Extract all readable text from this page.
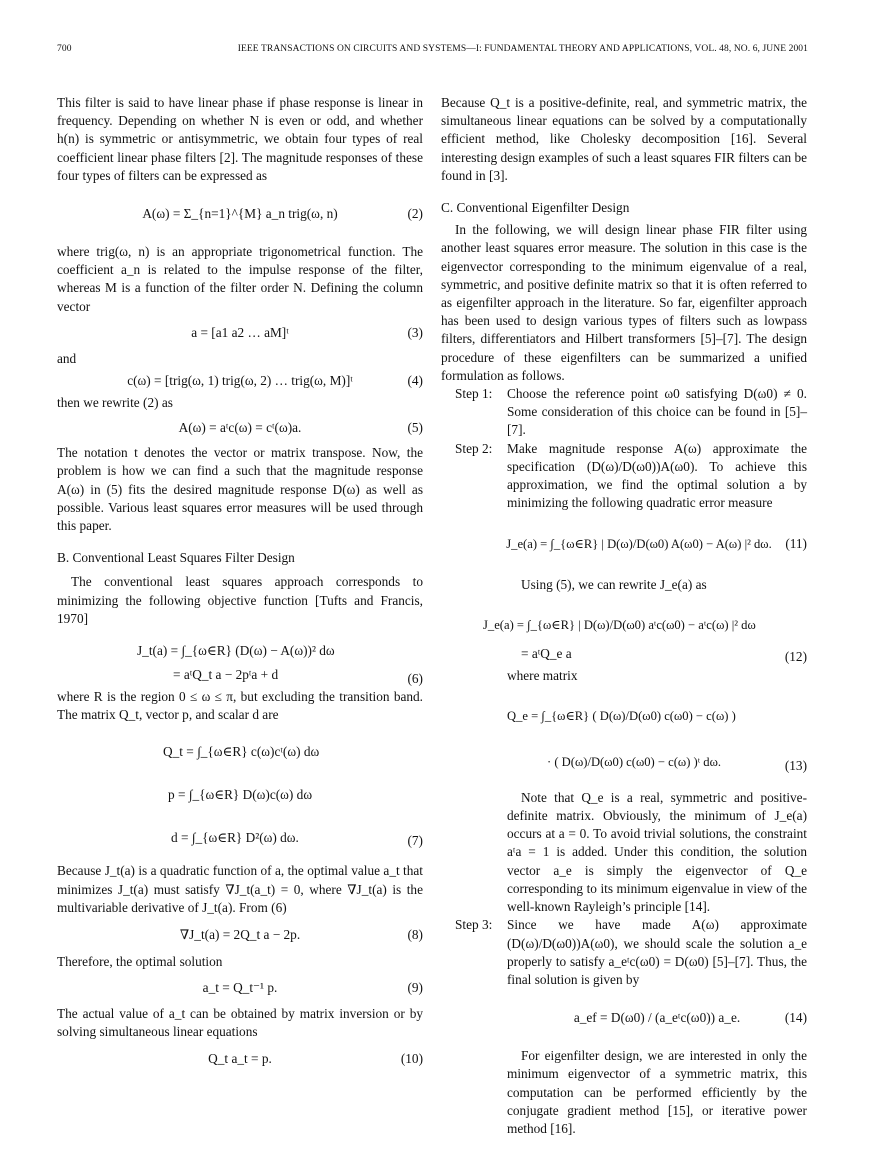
700	IEEE TRANSACTIONS ON CIRCUITS AND SYSTEMS—I: FUNDAMENTAL THEORY AND APPLICATIONS, VOL. 48, NO. 6, JUNE 2001

This filter is said to have linear phase if phase response is linear in frequency. Depending on whether N is even or odd, and whether h(n) is symmetric or antisymmetric, we obtain four types of real coefficient linear phase filters [2]. The magnitude responses of these four types of filters can be expressed as

A(ω) = Σ_{n=1}^{M} a_n trig(ω, n)	(2)

where trig(ω, n) is an appropriate trigonometrical function. The coefficient a_n is related to the impulse response of the filter, whereas M is a function of the filter order N. Defining the column vector

a = [a1 a2 … aM]ᵗ	(3)

and

c(ω) = [trig(ω, 1) trig(ω, 2) … trig(ω, M)]ᵗ	(4)

then we rewrite (2) as

A(ω) = aᵗc(ω) = cᵗ(ω)a.	(5)

The notation t denotes the vector or matrix transpose. Now, the problem is how we can find a such that the magnitude response A(ω) in (5) fits the desired magnitude response D(ω) as well as possible. Various least squares error measures will be used through this paper.

B. Conventional Least Squares Filter Design

The conventional least squares approach corresponds to minimizing the following objective function [Tufts and Francis, 1970]

J_t(a) = ∫_{ω∈R} (D(ω) − A(ω))² dω
= aᵗQ_t a − 2pᵗa + d	(6)

where R is the region 0 ≤ ω ≤ π, but excluding the transition band. The matrix Q_t, vector p, and scalar d are

Q_t = ∫_{ω∈R} c(ω)cᵗ(ω) dω
p = ∫_{ω∈R} D(ω)c(ω) dω
d = ∫_{ω∈R} D²(ω) dω.	(7)

Because J_t(a) is a quadratic function of a, the optimal value a_t that minimizes J_t(a) must satisfy ∇J_t(a_t) = 0, where ∇J_t(a) is the multivariable derivative of J_t(a). From (6)

∇J_t(a) = 2Q_t a − 2p.	(8)

Therefore, the optimal solution

a_t = Q_t⁻¹ p.	(9)

The actual value of a_t can be obtained by matrix inversion or by solving simultaneous linear equations

Q_t a_t = p.	(10)

Because Q_t is a positive-definite, real, and symmetric matrix, the simultaneous linear equations can be solved by a computationally efficient method, like Cholesky decomposition [16]. Several interesting design examples of such a least squares FIR filters can be found in [3].

C. Conventional Eigenfilter Design

In the following, we will design linear phase FIR filter using another least squares error measure. The solution in this case is the eigenvector corresponding to the minimum eigenvalue of a real, symmetric, and positive definite matrix so that it is often referred to as eigenfilter approach in the literature. So far, eigenfilter approach has been used to design various types of filters such as lowpass filters, differentiators and Hilbert transformers [5]–[7]. The design procedure of these eigenfilters can be summarized a unified formulation as follows.

Step 1: Choose the reference point ω0 satisfying D(ω0) ≠ 0. Some consideration of this choice can be found in [5]–[7].
Step 2: Make magnitude response A(ω) approximate the specification (D(ω)/D(ω0))A(ω0). To achieve this approximation, we find the optimal solution a by minimizing the following quadratic error measure
J_e(a) = ∫_{ω∈R} | D(ω)/D(ω0) A(ω0) − A(ω) |² dω.	(11)

Using (5), we can rewrite J_e(a) as

J_e(a) = ∫_{ω∈R} | D(ω)/D(ω0) aᵗc(ω0) − aᵗc(ω) |² dω
= aᵗQ_e a	(12)

where matrix

Q_e = ∫_{ω∈R} ( D(ω)/D(ω0) c(ω0) − c(ω) )
· ( D(ω)/D(ω0) c(ω0) − c(ω) )ᵗ dω.	(13)

Note that Q_e is a real, symmetric and positive-definite matrix. Obviously, the minimum of J_e(a) occurs at a = 0. To avoid trivial solutions, the constraint aᵗa = 1 is added. Under this condition, the solution vector a_e is simply the eigenvector of Q_e corresponding to its minimum eigenvalue in view of the well-known Rayleigh’s principle [14].

Step 3: Since we have made A(ω) approximate (D(ω)/D(ω0))A(ω0), we should scale the solution a_e properly to satisfy a_eᵗc(ω0) = D(ω0) [5]–[7]. Thus, the final solution is given by
a_ef = D(ω0) / (a_eᵗc(ω0)) a_e.	(14)

For eigenfilter design, we are interested in only the minimum eigenvector of a symmetric matrix, this computation can be performed efficiently by the conjugate gradient method [15], or iterative power method [16].
